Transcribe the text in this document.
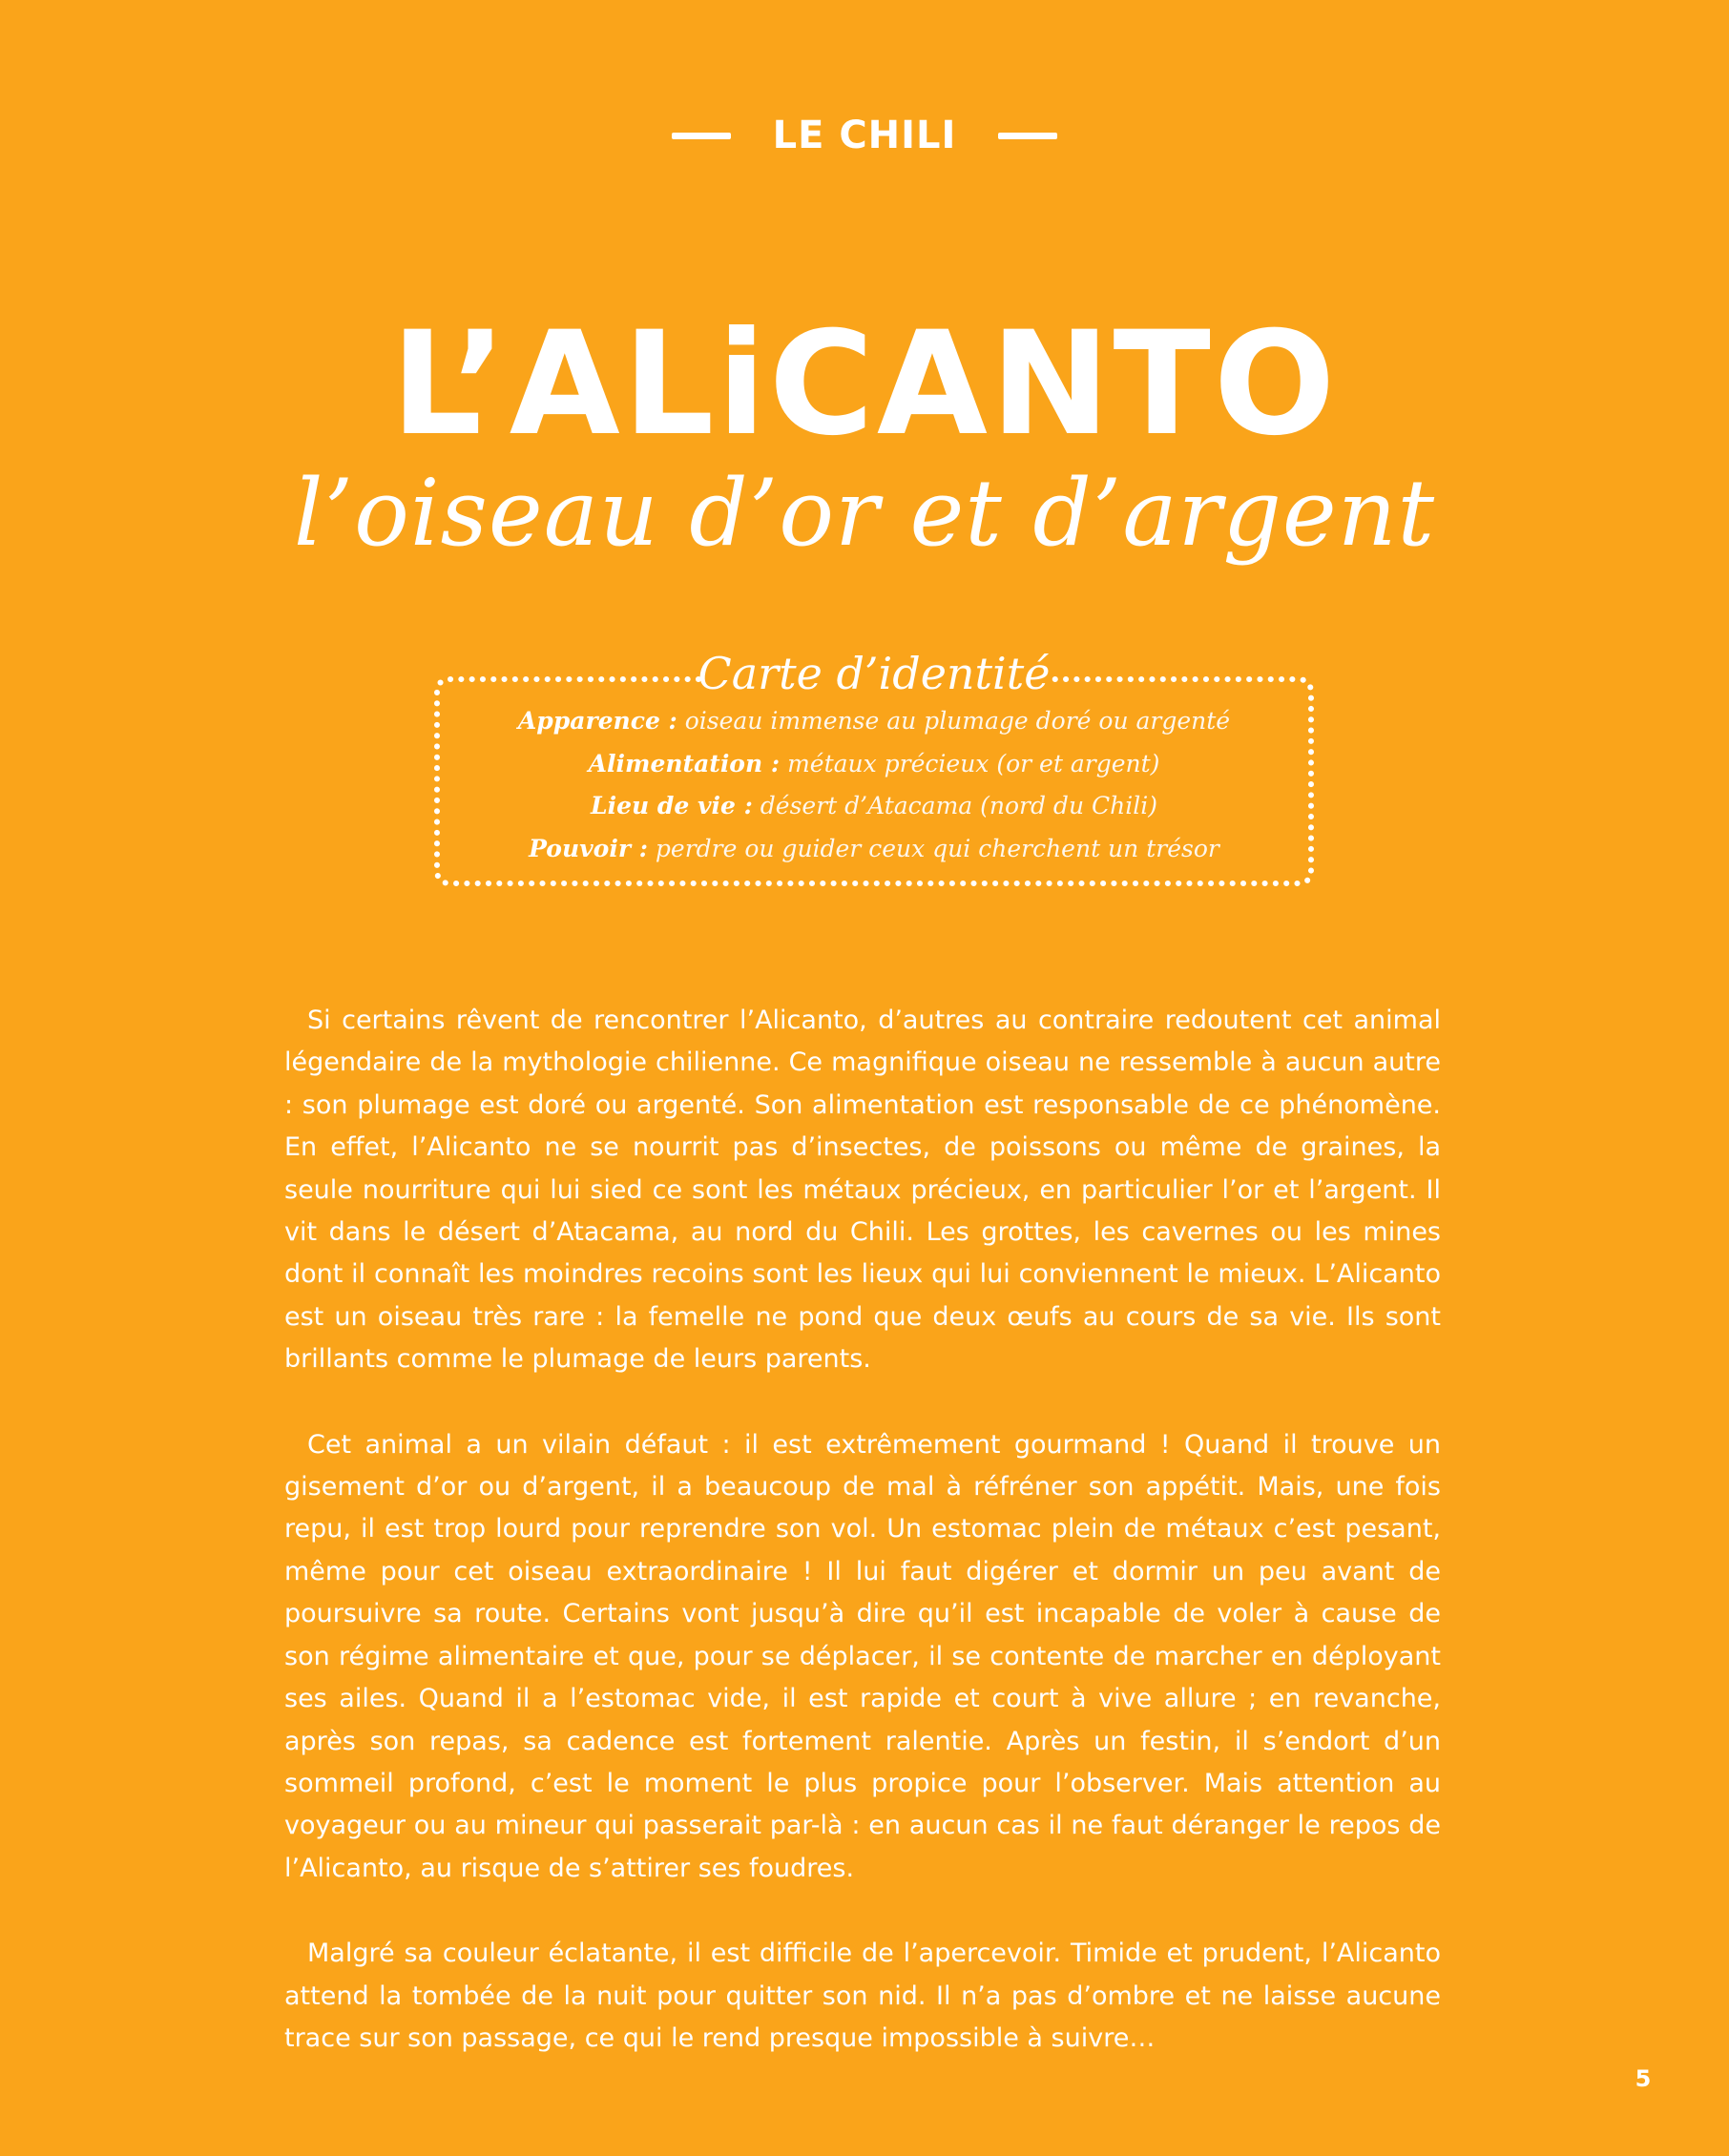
LE CHILI
L’ALiCANTO
l’oiseau d’or et d’argent
Carte d’identité
Apparence : oiseau immense au plumage doré ou argenté
Alimentation : métaux précieux (or et argent)
Lieu de vie : désert d’Atacama (nord du Chili)
Pouvoir : perdre ou guider ceux qui cherchent un trésor

Si certains rêvent de rencontrer l’Alicanto, d’autres au contraire redoutent cet animal légendaire de la mythologie chilienne. Ce magnifique oiseau ne ressemble à aucun autre : son plumage est doré ou argenté. Son alimentation est responsable de ce phénomène. En effet, l’Alicanto ne se nourrit pas d’insectes, de poissons ou même de graines, la seule nourriture qui lui sied ce sont les métaux précieux, en particulier l’or et l’argent. Il vit dans le désert d’Atacama, au nord du Chili. Les grottes, les cavernes ou les mines dont il connaît les moindres recoins sont les lieux qui lui conviennent le mieux. L’Alicanto est un oiseau très rare : la femelle ne pond que deux œufs au cours de sa vie. Ils sont brillants comme le plumage de leurs parents.

Cet animal a un vilain défaut : il est extrêmement gourmand ! Quand il trouve un gisement d’or ou d’argent, il a beaucoup de mal à réfréner son appétit. Mais, une fois repu, il est trop lourd pour reprendre son vol. Un estomac plein de métaux c’est pesant, même pour cet oiseau extraordinaire ! Il lui faut digérer et dormir un peu avant de poursuivre sa route. Certains vont jusqu’à dire qu’il est incapable de voler à cause de son régime alimentaire et que, pour se déplacer, il se contente de marcher en déployant ses ailes. Quand il a l’estomac vide, il est rapide et court à vive allure ; en revanche, après son repas, sa cadence est fortement ralentie. Après un festin, il s’endort d’un sommeil profond, c’est le moment le plus propice pour l’observer. Mais attention au voyageur ou au mineur qui passerait par-là : en aucun cas il ne faut déranger le repos de l’Alicanto, au risque de s’attirer ses foudres.

Malgré sa couleur éclatante, il est difficile de l’apercevoir. Timide et prudent, l’Alicanto attend la tombée de la nuit pour quitter son nid. Il n’a pas d’ombre et ne laisse aucune trace sur son passage, ce qui le rend presque impossible à suivre…

5
